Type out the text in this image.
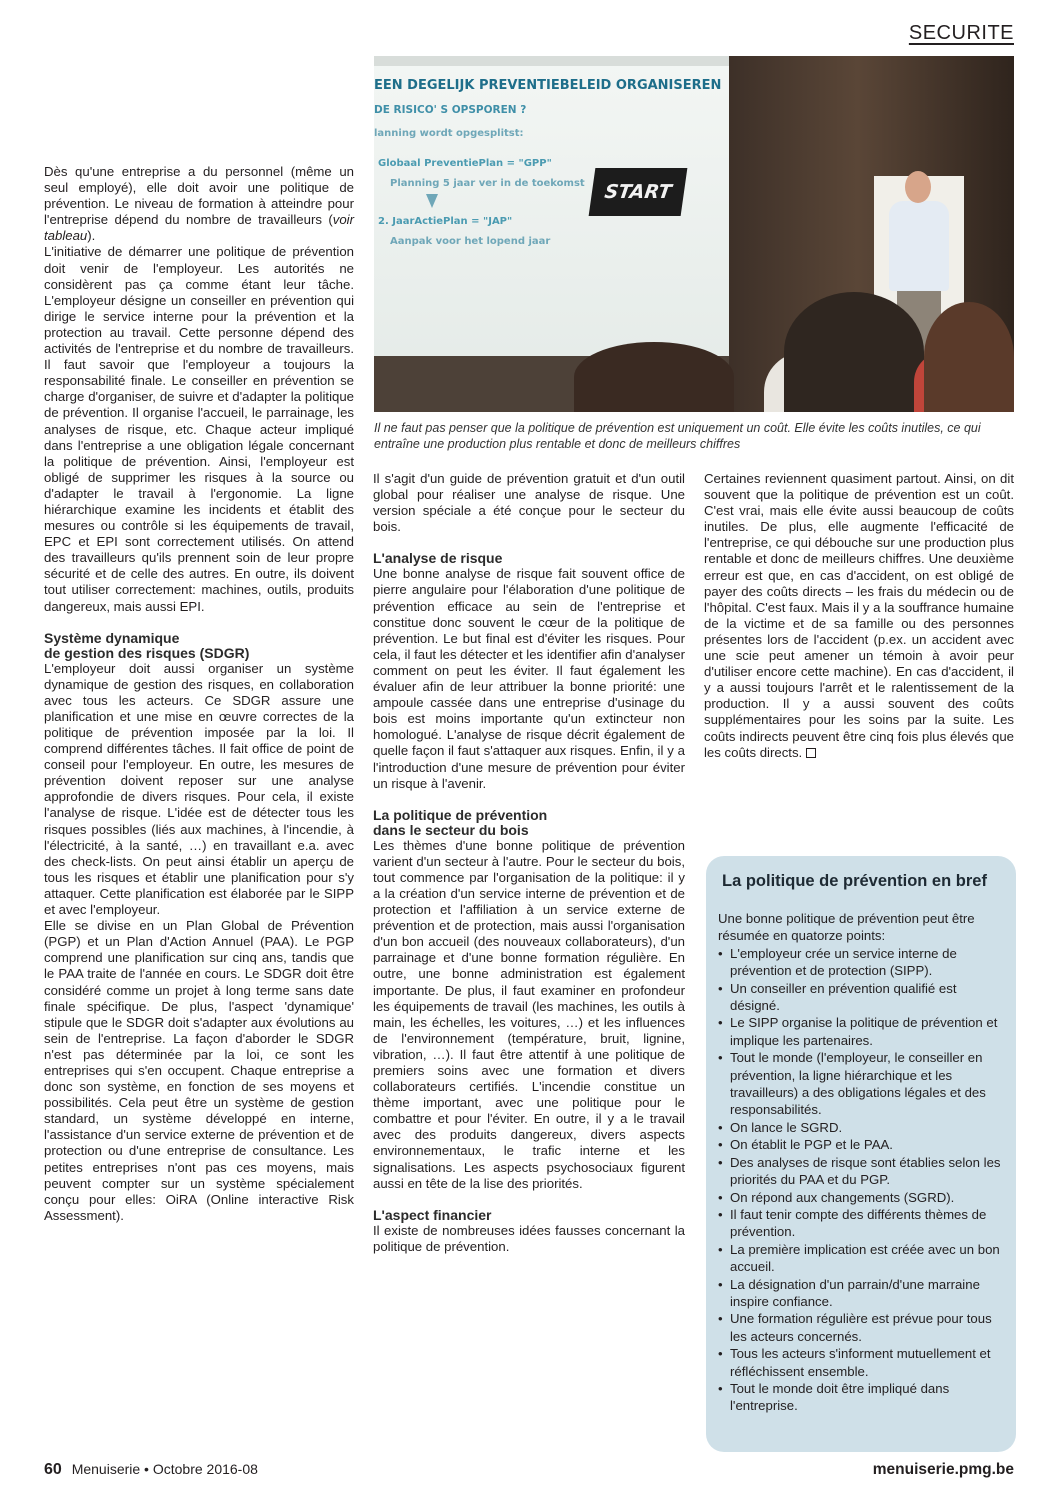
SECURITE
EEN DEGELIJK PREVENTIEBELEID ORGANISEREN
DE RISICO' S OPSPOREN ?
lanning wordt opgesplitst:
Globaal PreventiePlan = "GPP"
Planning 5 jaar ver in de toekomst
2. JaarActiePlan = "JAP"
Aanpak voor het lopend jaar
START
Il ne faut pas penser que la politique de prévention est uniquement un coût. Elle évite les coûts inutiles, ce qui entraîne une production plus rentable et donc de meilleurs chiffres

Dès qu'une entreprise a du personnel (même un seul employé), elle doit avoir une politique de prévention. Le niveau de formation à atteindre pour l'entreprise dépend du nombre de travailleurs (voir tableau).

L'initiative de démarrer une politique de prévention doit venir de l'employeur. Les autorités ne considèrent pas ça comme étant leur tâche. L'employeur désigne un conseiller en prévention qui dirige le service interne pour la prévention et la protection au travail. Cette personne dépend des activités de l'entreprise et du nombre de travailleurs. Il faut savoir que l'employeur a toujours la responsabilité finale. Le conseiller en prévention se charge d'organiser, de suivre et d'adapter la politique de prévention. Il organise l'accueil, le parrainage, les analyses de risque, etc. Chaque acteur impliqué dans l'entreprise a une obligation légale concernant la politique de prévention. Ainsi, l'employeur est obligé de supprimer les risques à la source ou d'adapter le travail à l'ergonomie. La ligne hiérarchique examine les incidents et établit des mesures ou contrôle si les équipements de travail, EPC et EPI sont correctement utilisés. On attend des travailleurs qu'ils prennent soin de leur propre sécurité et de celle des autres. En outre, ils doivent tout utiliser correctement: machines, outils, produits dangereux, mais aussi EPI.

Système dynamique
de gestion des risques (SDGR)

L'employeur doit aussi organiser un système dynamique de gestion des risques, en collaboration avec tous les acteurs. Ce SDGR assure une planification et une mise en œuvre correctes de la politique de prévention imposée par la loi. Il comprend différentes tâches. Il fait office de point de conseil pour l'employeur. En outre, les mesures de prévention doivent reposer sur une analyse approfondie de divers risques. Pour cela, il existe l'analyse de risque. L'idée est de détecter tous les risques possibles (liés aux machines, à l'incendie, à l'électricité, à la santé, …) en travaillant e.a. avec des check-lists. On peut ainsi établir un aperçu de tous les risques et établir une planification pour s'y attaquer. Cette planification est élaborée par le SIPP et avec l'employeur.

Elle se divise en un Plan Global de Prévention (PGP) et un Plan d'Action Annuel (PAA). Le PGP comprend une planification sur cinq ans, tandis que le PAA traite de l'année en cours. Le SDGR doit être considéré comme un projet à long terme sans date finale spécifique. De plus, l'aspect 'dynamique' stipule que le SDGR doit s'adapter aux évolutions au sein de l'entreprise. La façon d'aborder le SDGR n'est pas déterminée par la loi, ce sont les entreprises qui s'en occupent. Chaque entreprise a donc son système, en fonction de ses moyens et possibilités. Cela peut être un système de gestion standard, un système développé en interne, l'assistance d'un service externe de prévention et de protection ou d'une entreprise de consultance. Les petites entreprises n'ont pas ces moyens, mais peuvent compter sur un système spécialement conçu pour elles: OiRA (Online interactive Risk Assessment).

Il s'agit d'un guide de prévention gratuit et d'un outil global pour réaliser une analyse de risque. Une version spéciale a été conçue pour le secteur du bois.

L'analyse de risque

Une bonne analyse de risque fait souvent office de pierre angulaire pour l'élaboration d'une politique de prévention efficace au sein de l'entreprise et constitue donc souvent le cœur de la politique de prévention. Le but final est d'éviter les risques. Pour cela, il faut les détecter et les identifier afin d'analyser comment on peut les éviter. Il faut également les évaluer afin de leur attribuer la bonne priorité: une ampoule cassée dans une entreprise d'usinage du bois est moins importante qu'un extincteur non homologué. L'analyse de risque décrit également de quelle façon il faut s'attaquer aux risques. Enfin, il y a l'introduction d'une mesure de prévention pour éviter un risque à l'avenir.

La politique de prévention
dans le secteur du bois

Les thèmes d'une bonne politique de prévention varient d'un secteur à l'autre. Pour le secteur du bois, tout commence par l'organisation de la politique: il y a la création d'un service interne de prévention et de protection et l'affiliation à un service externe de prévention et de protection, mais aussi l'organisation d'un bon accueil (des nouveaux collaborateurs), d'un parrainage et d'une bonne formation régulière. En outre, une bonne administration est également importante. De plus, il faut examiner en profondeur les équipements de travail (les machines, les outils à main, les échelles, les voitures, …) et les influences de l'environnement (température, bruit, lignine, vibration, …). Il faut être attentif à une politique de premiers soins avec une formation et divers collaborateurs certifiés. L'incendie constitue un thème important, avec une politique pour le combattre et pour l'éviter. En outre, il y a le travail avec des produits dangereux, divers aspects environnementaux, le trafic interne et les signalisations. Les aspects psychosociaux figurent aussi en tête de la lise des priorités.

L'aspect financier

Il existe de nombreuses idées fausses concernant la politique de prévention.

Certaines reviennent quasiment partout. Ainsi, on dit souvent que la politique de prévention est un coût. C'est vrai, mais elle évite aussi beaucoup de coûts inutiles. De plus, elle augmente l'efficacité de l'entreprise, ce qui débouche sur une production plus rentable et donc de meilleurs chiffres. Une deuxième erreur est que, en cas d'accident, on est obligé de payer des coûts directs – les frais du médecin ou de l'hôpital. C'est faux. Mais il y a la souffrance humaine de la victime et de sa famille ou des personnes présentes lors de l'accident (p.ex. un accident avec une scie peut amener un témoin à avoir peur d'utiliser encore cette machine). En cas d'accident, il y a aussi toujours l'arrêt et le ralentissement de la production. Il y a aussi souvent des coûts supplémentaires pour les soins par la suite. Les coûts indirects peuvent être cinq fois plus élevés que les coûts directs.

La politique de prévention en bref
Une bonne politique de prévention peut être résumée en quatorze points:
• L'employeur crée un service interne de prévention et de protection (SIPP).
• Un conseiller en prévention qualifié est désigné.
• Le SIPP organise la politique de prévention et implique les partenaires.
• Tout le monde (l'employeur, le conseiller en prévention, la ligne hiérarchique et les travailleurs) a des obligations légales et des responsabilités.
• On lance le SGRD.
• On établit le PGP et le PAA.
• Des analyses de risque sont établies selon les priorités du PAA et du PGP.
• On répond aux changements (SGRD).
• Il faut tenir compte des différents thèmes de prévention.
• La première implication est créée avec un bon accueil.
• La désignation d'un parrain/d'une marraine inspire confiance.
• Une formation régulière est prévue pour tous les acteurs concernés.
• Tous les acteurs s'informent mutuellement et réfléchissent ensemble.
• Tout le monde doit être impliqué dans l'entreprise.
60 Menuiserie • Octobre 2016-08	menuiserie.pmg.be
